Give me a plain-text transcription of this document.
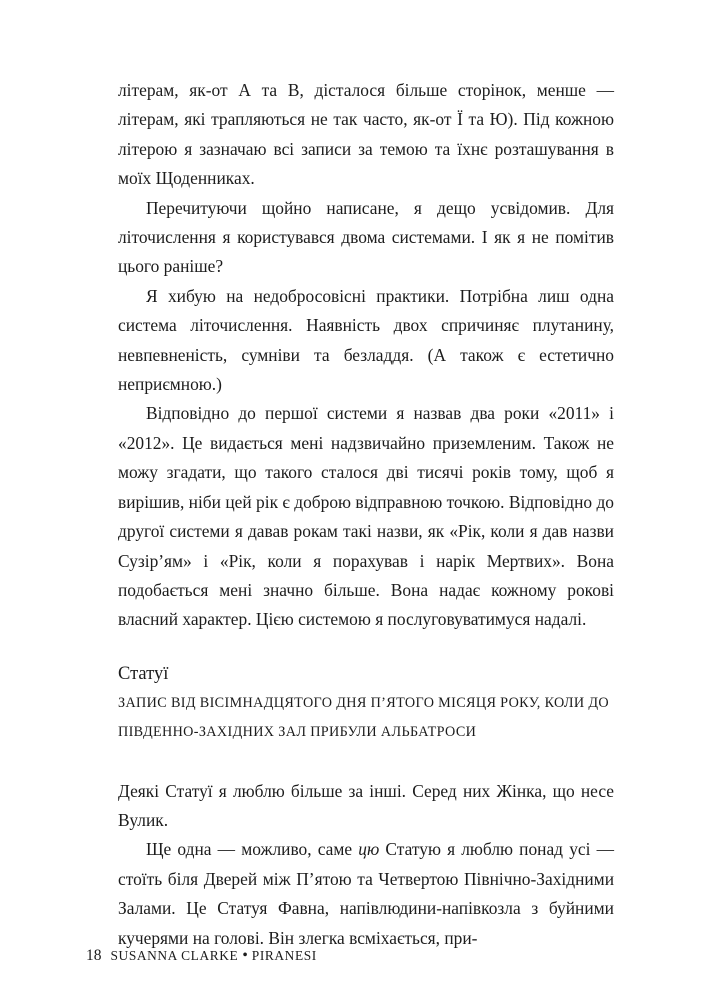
літерам, як-от А та В, дісталося більше сторінок, менше — літерам, які трапляються не так часто, як-от Ї та Ю). Під кожною літерою я зазначаю всі записи за темою та їхнє розташування в моїх Щоденниках.

Перечитуючи щойно написане, я дещо усвідомив. Для літочислення я користувався двома системами. І як я не помітив цього раніше?

Я хибую на недобросовісні практики. Потрібна лиш одна система літочислення. Наявність двох спричиняє плутанину, невпевненість, сумніви та безладдя. (А також є естетично неприємною.)

Відповідно до першої системи я назвав два роки «2011» і «2012». Це видається мені надзвичайно приземленим. Також не можу згадати, що такого сталося дві тисячі років тому, щоб я вирішив, ніби цей рік є доброю відправною точкою. Відповідно до другої системи я давав рокам такі назви, як «Рік, коли я дав назви Сузір’ям» і «Рік, коли я порахував і нарік Мертвих». Вона подобається мені значно більше. Вона надає кожному рокові власний характер. Цією системою я послуговуватимуся надалі.

Статуї
ЗАПИС ВІД ВІСІМНАДЦЯТОГО ДНЯ П’ЯТОГО МІСЯЦЯ РОКУ, КОЛИ ДО ПІВДЕННО-ЗАХІДНИХ ЗАЛ ПРИБУЛИ АЛЬБАТРОСИ

Деякі Статуї я люблю більше за інші. Серед них Жінка, що несе Вулик.

Ще одна — можливо, саме цю Статую я люблю понад усі — стоїть біля Дверей між П’ятою та Четвертою Північно-Західними Залами. Це Статуя Фавна, напівлюдини-напівкозла з буйними кучерями на голові. Він злегка всміхається, при-

18 SUSANNA CLARKE • PIRANESI
